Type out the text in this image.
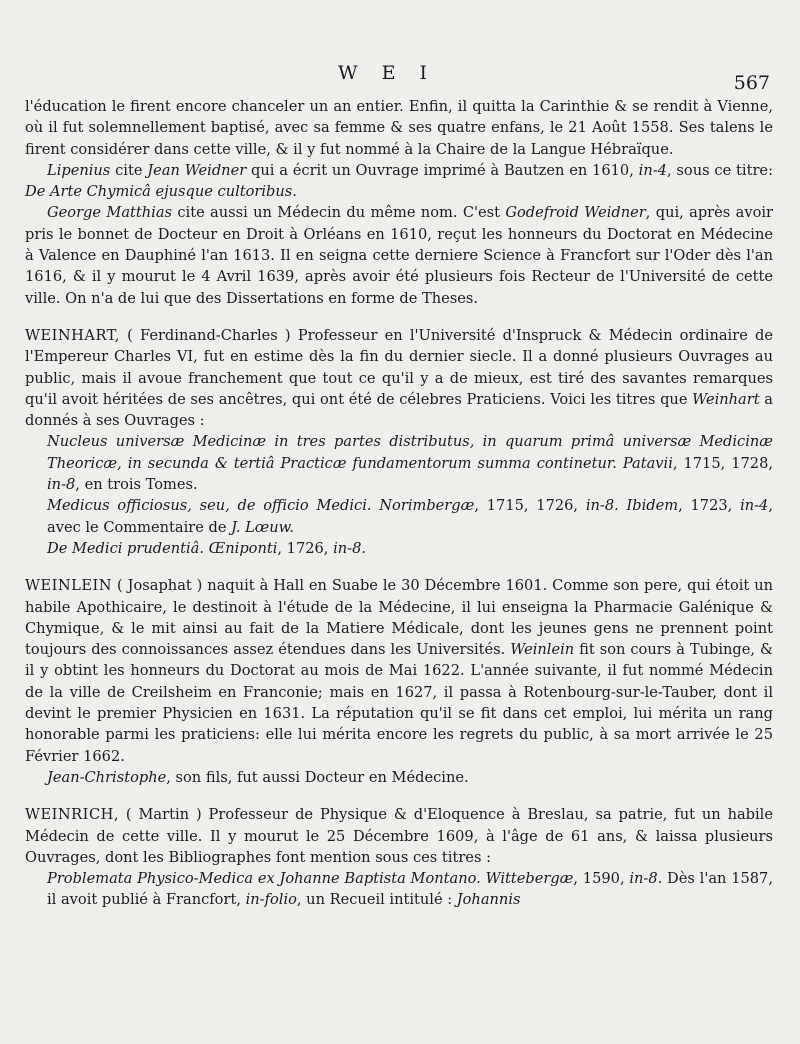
W E I	567

l'éducation le firent encore chanceler un an entier. Enfin, il quitta la Carinthie & se rendit à Vienne, où il fut solemnellement baptisé, avec sa femme & ses quatre enfans, le 21 Août 1558. Ses talens le firent considérer dans cette ville, & il y fut nommé à la Chaire de la Langue Hébraïque.

Lipenius cite Jean Weidner qui a écrit un Ouvrage imprimé à Bautzen en 1610, in-4, sous ce titre: De Arte Chymicâ ejusque cultoribus.

George Matthias cite aussi un Médecin du même nom. C'est Godefroid Weidner, qui, après avoir pris le bonnet de Docteur en Droit à Orléans en 1610, reçut les honneurs du Doctorat en Médecine à Valence en Dauphiné l'an 1613. Il en seigna cette derniere Science à Francfort sur l'Oder dès l'an 1616, & il y mourut le 4 Avril 1639, après avoir été plusieurs fois Recteur de l'Université de cette ville. On n'a de lui que des Dissertations en forme de Theses.

WEINHART, ( Ferdinand-Charles ) Professeur en l'Université d'Inspruck & Médecin ordinaire de l'Empereur Charles VI, fut en estime dès la fin du dernier siecle. Il a donné plusieurs Ouvrages au public, mais il avoue franchement que tout ce qu'il y a de mieux, est tiré des savantes remarques qu'il avoit héritées de ses ancêtres, qui ont été de célebres Praticiens. Voici les titres que Weinhart a donnés à ses Ouvrages :

Nucleus universæ Medicinæ in tres partes distributus, in quarum primâ universæ Medicinæ Theoricæ, in secunda & tertiâ Practicæ fundamentorum summa continetur. Patavii, 1715, 1728, in-8, en trois Tomes.

Medicus officiosus, seu, de officio Medici. Norimbergæ, 1715, 1726, in-8. Ibidem, 1723, in-4, avec le Commentaire de J. Lœuw.

De Medici prudentiâ. Œniponti, 1726, in-8.

WEINLEIN ( Josaphat ) naquit à Hall en Suabe le 30 Décembre 1601. Comme son pere, qui étoit un habile Apothicaire, le destinoit à l'étude de la Médecine, il lui enseigna la Pharmacie Galénique & Chymique, & le mit ainsi au fait de la Matiere Médicale, dont les jeunes gens ne prennent point toujours des connoissances assez étendues dans les Universités. Weinlein fit son cours à Tubinge, & il y obtint les honneurs du Doctorat au mois de Mai 1622. L'année suivante, il fut nommé Médecin de la ville de Creilsheim en Franconie; mais en 1627, il passa à Rotenbourg-sur-le-Tauber, dont il devint le premier Physicien en 1631. La réputation qu'il se fit dans cet emploi, lui mérita un rang honorable parmi les praticiens: elle lui mérita encore les regrets du public, à sa mort arrivée le 25 Février 1662.

Jean-Christophe, son fils, fut aussi Docteur en Médecine.

WEINRICH, ( Martin ) Professeur de Physique & d'Eloquence à Breslau, sa patrie, fut un habile Médecin de cette ville. Il y mourut le 25 Décembre 1609, à l'âge de 61 ans, & laissa plusieurs Ouvrages, dont les Bibliographes font mention sous ces titres :

Problemata Physico-Medica ex Johanne Baptista Montano. Wittebergæ, 1590, in-8. Dès l'an 1587, il avoit publié à Francfort, in-folio, un Recueil intitulé : Johannis
